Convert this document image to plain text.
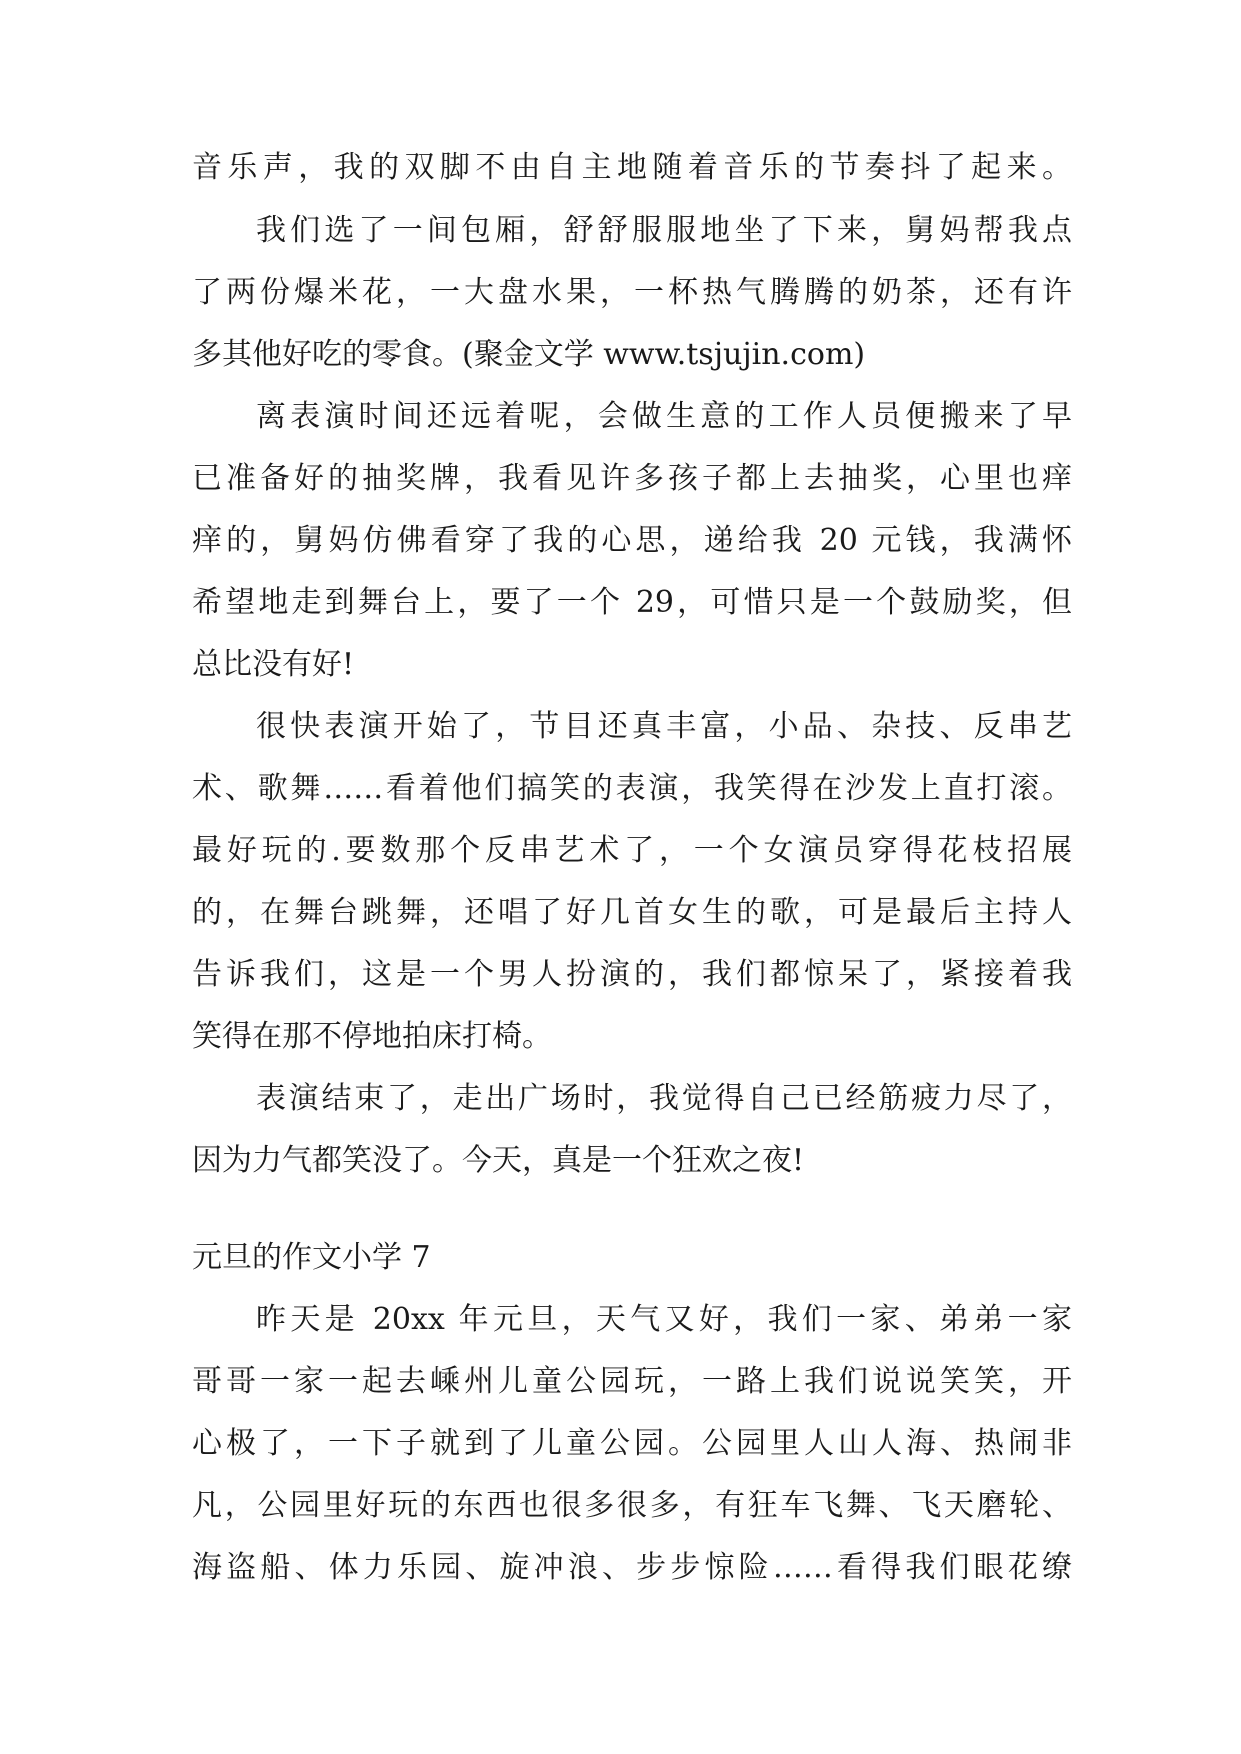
音乐声，我的双脚不由自主地随着音乐的节奏抖了起来。
我们选了一间包厢，舒舒服服地坐了下来，舅妈帮我点
了两份爆米花，一大盘水果，一杯热气腾腾的奶茶，还有许
多其他好吃的零食。(聚金文学 www.tsjujin.com)
离表演时间还远着呢，会做生意的工作人员便搬来了早
已准备好的抽奖牌，我看见许多孩子都上去抽奖，心里也痒
痒的，舅妈仿佛看穿了我的心思，递给我 20 元钱，我满怀
希望地走到舞台上，要了一个 29，可惜只是一个鼓励奖，但
总比没有好!
很快表演开始了，节目还真丰富，小品、杂技、反串艺
术、歌舞……看着他们搞笑的表演，我笑得在沙发上直打滚。
最好玩的.要数那个反串艺术了，一个女演员穿得花枝招展
的，在舞台跳舞，还唱了好几首女生的歌，可是最后主持人
告诉我们，这是一个男人扮演的，我们都惊呆了，紧接着我
笑得在那不停地拍床打椅。
表演结束了，走出广场时，我觉得自己已经筋疲力尽了，
因为力气都笑没了。今天，真是一个狂欢之夜!
元旦的作文小学 7
昨天是 20xx 年元旦，天气又好，我们一家、弟弟一家
哥哥一家一起去嵊州儿童公园玩，一路上我们说说笑笑，开
心极了，一下子就到了儿童公园。公园里人山人海、热闹非
凡，公园里好玩的东西也很多很多，有狂车飞舞、飞天磨轮、
海盗船、体力乐园、旋冲浪、步步惊险……看得我们眼花缭
